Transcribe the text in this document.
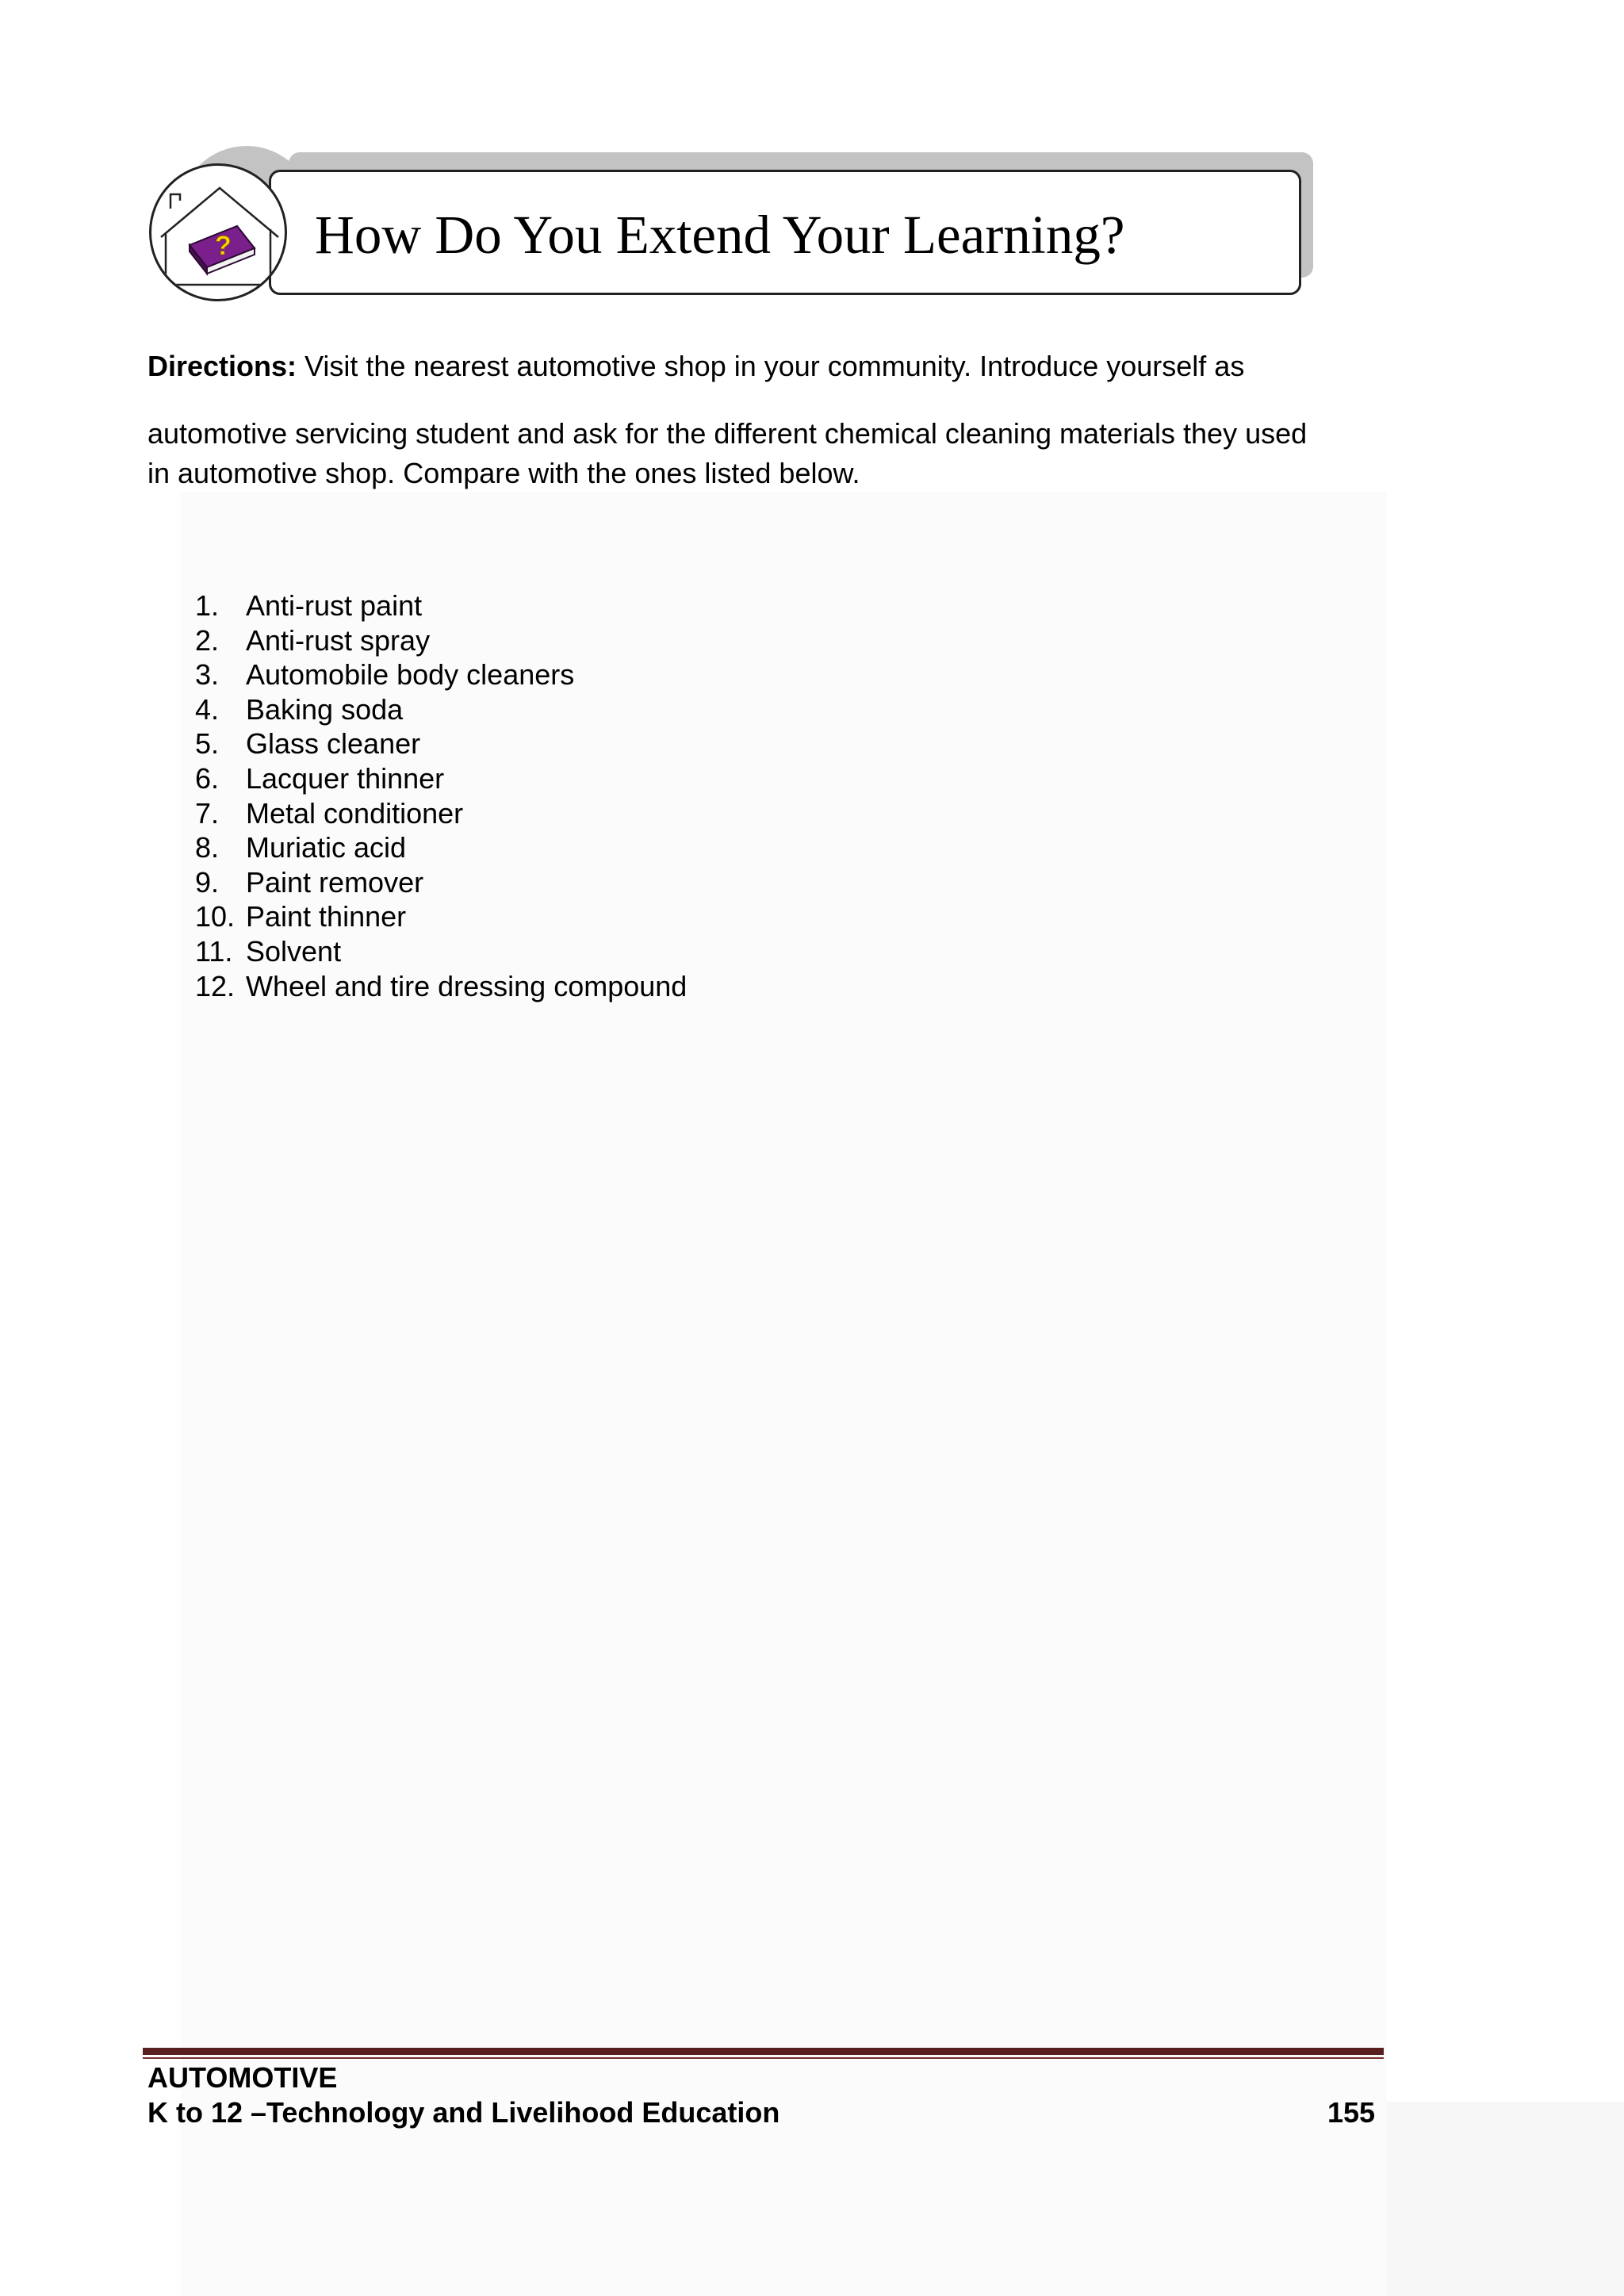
? How Do You Extend Your Learning?
Directions: Visit the nearest automotive shop in your community. Introduce yourself as
automotive servicing student and ask for the different chemical cleaning materials they used
in automotive shop. Compare with the ones listed below.
1. Anti-rust paint
2. Anti-rust spray
3. Automobile body cleaners
4. Baking soda
5. Glass cleaner
6. Lacquer thinner
7. Metal conditioner
8. Muriatic acid
9. Paint remover
10. Paint thinner
11. Solvent
12. Wheel and tire dressing compound
AUTOMOTIVE
K to 12 –Technology and Livelihood Education	155
